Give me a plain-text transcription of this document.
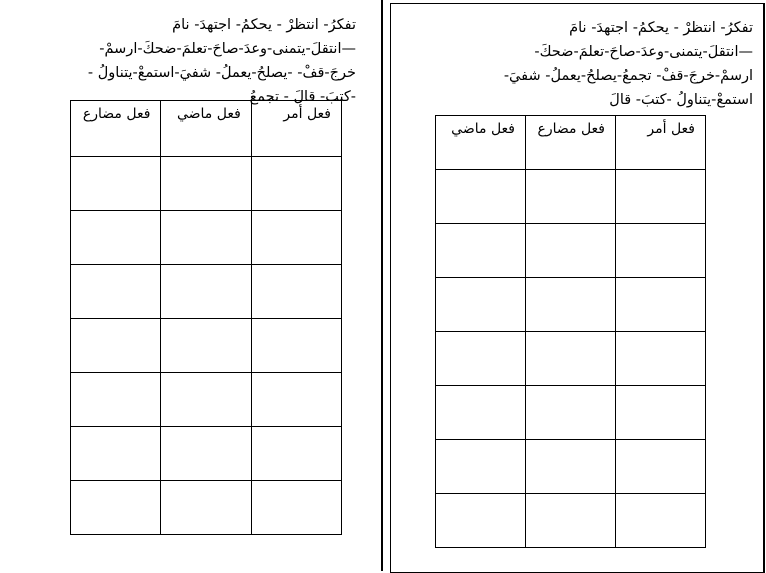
تفكرُ- انتظرْ - يحكمُ- اجتهدَ- نامَ
—انتقلَ-يتمنى-وعدَ-صاحَ-تعلمَ-ضحكَ-ارسمْ-
خرجَ-قفْ- -يصلحُ-يعملُ- شفيَ-استمعْ-يتناولُ -
-كتبَ- قالَ - تجمعُ
فعل أمر	فعل ماضي	فعل مضارع

تفكرُ- انتظرْ - يحكمُ- اجتهدَ- نامَ
—انتقلَ-يتمنى-وعدَ-صاحَ-تعلمَ-ضحكَ-
ارسمْ-خرجَ-قفْ- تجمعُ-يصلحُ-يعملُ- شفيَ-
استمعْ-يتناولُ -كتبَ- قالَ
فعل أمر	فعل مضارع	فعل ماضي
